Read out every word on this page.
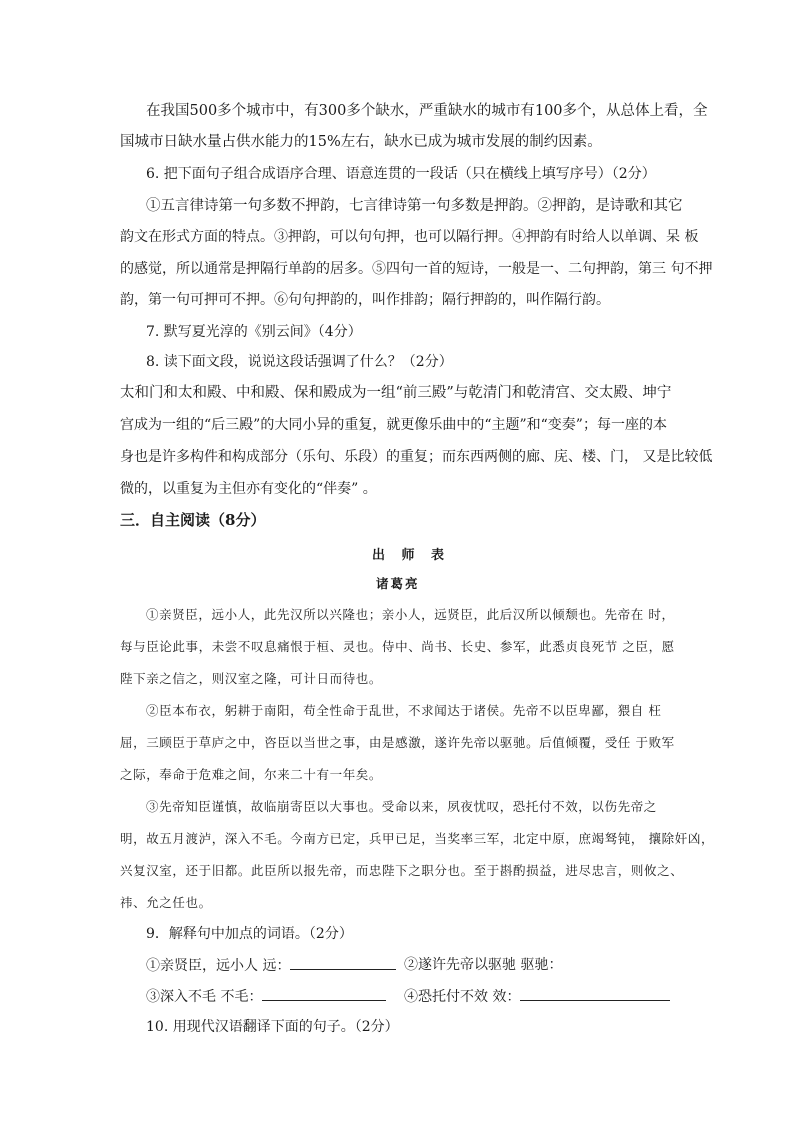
在我国500多个城市中，有300多个缺水，严重缺水的城市有100多个，从总体上看，全
国城市日缺水量占供水能力的15%左右，缺水已成为城市发展的制约因素。
6. 把下面句子组合成语序合理、语意连贯的一段话（只在横线上填写序号）（2分）
①五言律诗第一句多数不押韵，七言律诗第一句多数是押韵。②押韵，是诗歌和其它
韵文在形式方面的特点。③押韵，可以句句押，也可以隔行押。④押韵有时给人以单调、呆 板
的感觉，所以通常是押隔行单韵的居多。⑤四句一首的短诗，一般是一、二句押韵，第三 句不押
韵，第一句可押可不押。⑥句句押韵的，叫作排韵；隔行押韵的，叫作隔行韵。
7. 默写夏光淳的《别云间》（4分）
8. 读下面文段，说说这段话强调了什么？（2分）
太和门和太和殿、中和殿、保和殿成为一组“前三殿”与乾清门和乾清宫、交太殿、坤宁
宫成为一组的“后三殿”的大同小异的重复，就更像乐曲中的“主题”和“变奏”；每一座的本
身也是许多构件和构成部分（乐句、乐段）的重复；而东西两侧的廊、庑、楼、门， 又是比较低
微的，以重复为主但亦有变化的“伴奏” 。
三．自主阅读（8分）
出 师 表
诸葛亮
①亲贤臣，远小人，此先汉所以兴隆也；亲小人，远贤臣，此后汉所以倾颓也。先帝在 时，
每与臣论此事，未尝不叹息痛恨于桓、灵也。侍中、尚书、长史、参军，此悉贞良死节 之臣，愿
陛下亲之信之，则汉室之隆，可计日而待也。
②臣本布衣，躬耕于南阳，苟全性命于乱世，不求闻达于诸侯。先帝不以臣卑鄙，猥自 枉
屈，三顾臣于草庐之中，咨臣以当世之事，由是感激，遂许先帝以驱驰。后值倾覆，受任 于败军
之际，奉命于危难之间，尔来二十有一年矣。
③先帝知臣谨慎，故临崩寄臣以大事也。受命以来，夙夜忧叹，恐托付不效，以伤先帝之
明，故五月渡泸，深入不毛。今南方已定，兵甲已足，当奖率三军，北定中原，庶竭驽钝， 攘除奸凶，
兴复汉室，还于旧都。此臣所以报先帝，而忠陛下之职分也。至于斟酌损益，进尽忠言，则攸之、
祎、允之任也。
9．解释句中加点的词语。（2分）
①亲贤臣，远小人 远：	②遂许先帝以驱驰 驱驰：
③深入不毛 不毛：	④恐托付不效 效：
10. 用现代汉语翻译下面的句子。（2分）
